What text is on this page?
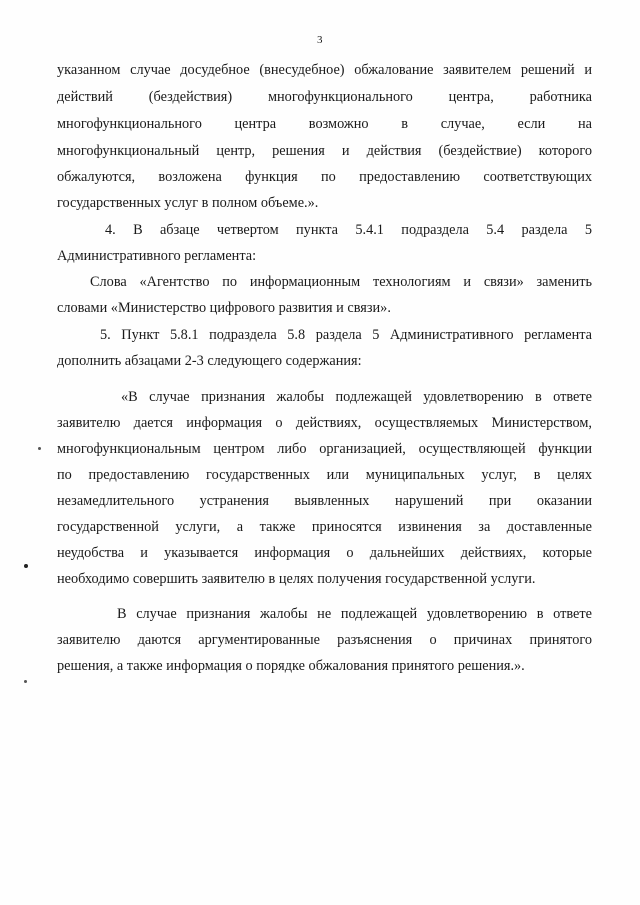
3
указанном случае досудебное (внесудебное) обжалование заявителем решений и
действий (бездействия) многофункционального центра, работника
многофункционального центра возможно в случае, если на
многофункциональный центр, решения и действия (бездействие) которого
обжалуются, возложена функция по предоставлению соответствующих
государственных услуг в полном объеме.».
4. В абзаце четвертом пункта 5.4.1 подраздела 5.4 раздела 5
Административного регламента:
Слова «Агентство по информационным технологиям и связи» заменить
словами «Министерство цифрового развития и связи».
5. Пункт 5.8.1 подраздела 5.8 раздела 5 Административного регламента
дополнить абзацами 2-3 следующего содержания:
«В случае признания жалобы подлежащей удовлетворению в ответе
заявителю дается информация о действиях, осуществляемых Министерством,
многофункциональным центром либо организацией, осуществляющей функции
по предоставлению государственных или муниципальных услуг, в целях
незамедлительного устранения выявленных нарушений при оказании
государственной услуги, а также приносятся извинения за доставленные
неудобства и указывается информация о дальнейших действиях, которые
необходимо совершить заявителю в целях получения государственной услуги.
В случае признания жалобы не подлежащей удовлетворению в ответе
заявителю даются аргументированные разъяснения о причинах принятого
решения, а также информация о порядке обжалования принятого решения.».
